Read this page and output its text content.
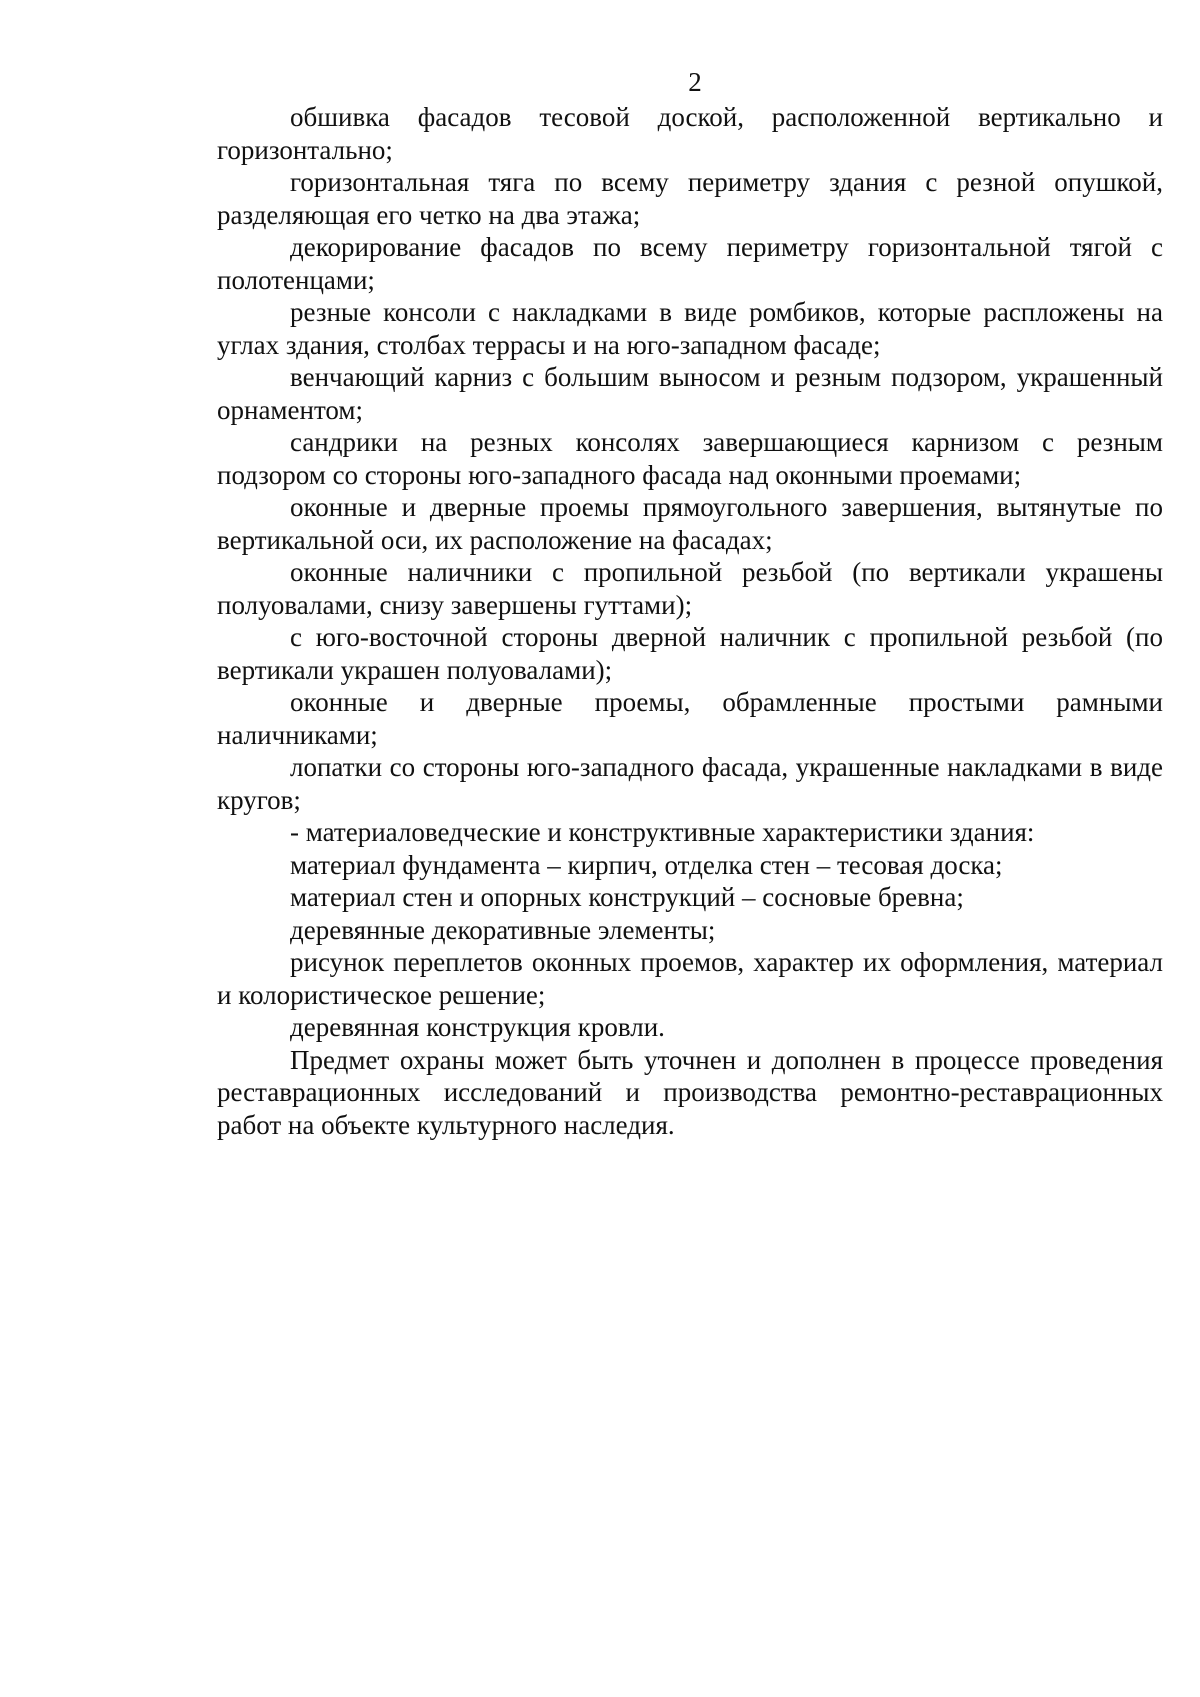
2

обшивка фасадов тесовой доской, расположенной вертикально и горизонтально;

горизонтальная тяга по всему периметру здания с резной опушкой, разделяющая его четко на два этажа;

декорирование фасадов по всему периметру горизонтальной тягой с полотенцами;

резные консоли с накладками в виде ромбиков, которые распложены на углах здания, столбах террасы и на юго-западном фасаде;

венчающий карниз с большим выносом и резным подзором, украшенный орнаментом;

сандрики на резных консолях завершающиеся карнизом с резным подзором со стороны юго-западного фасада над оконными проемами;

оконные и дверные проемы прямоугольного завершения, вытянутые по вертикальной оси, их расположение на фасадах;

оконные наличники с пропильной резьбой (по вертикали украшены полуовалами, снизу завершены гуттами);

с юго-восточной стороны дверной наличник с пропильной резьбой (по вертикали украшен полуовалами);

оконные и дверные проемы, обрамленные простыми рамными наличниками;

лопатки со стороны юго-западного фасада, украшенные накладками в виде кругов;

- материаловедческие и конструктивные характеристики здания:

материал фундамента – кирпич, отделка стен – тесовая доска;

материал стен и опорных конструкций – сосновые бревна;

деревянные декоративные элементы;

рисунок переплетов оконных проемов, характер их оформления, материал и колористическое решение;

деревянная конструкция кровли.

Предмет охраны может быть уточнен и дополнен в процессе проведения реставрационных исследований и производства ремонтно-реставрационных работ на объекте культурного наследия.
